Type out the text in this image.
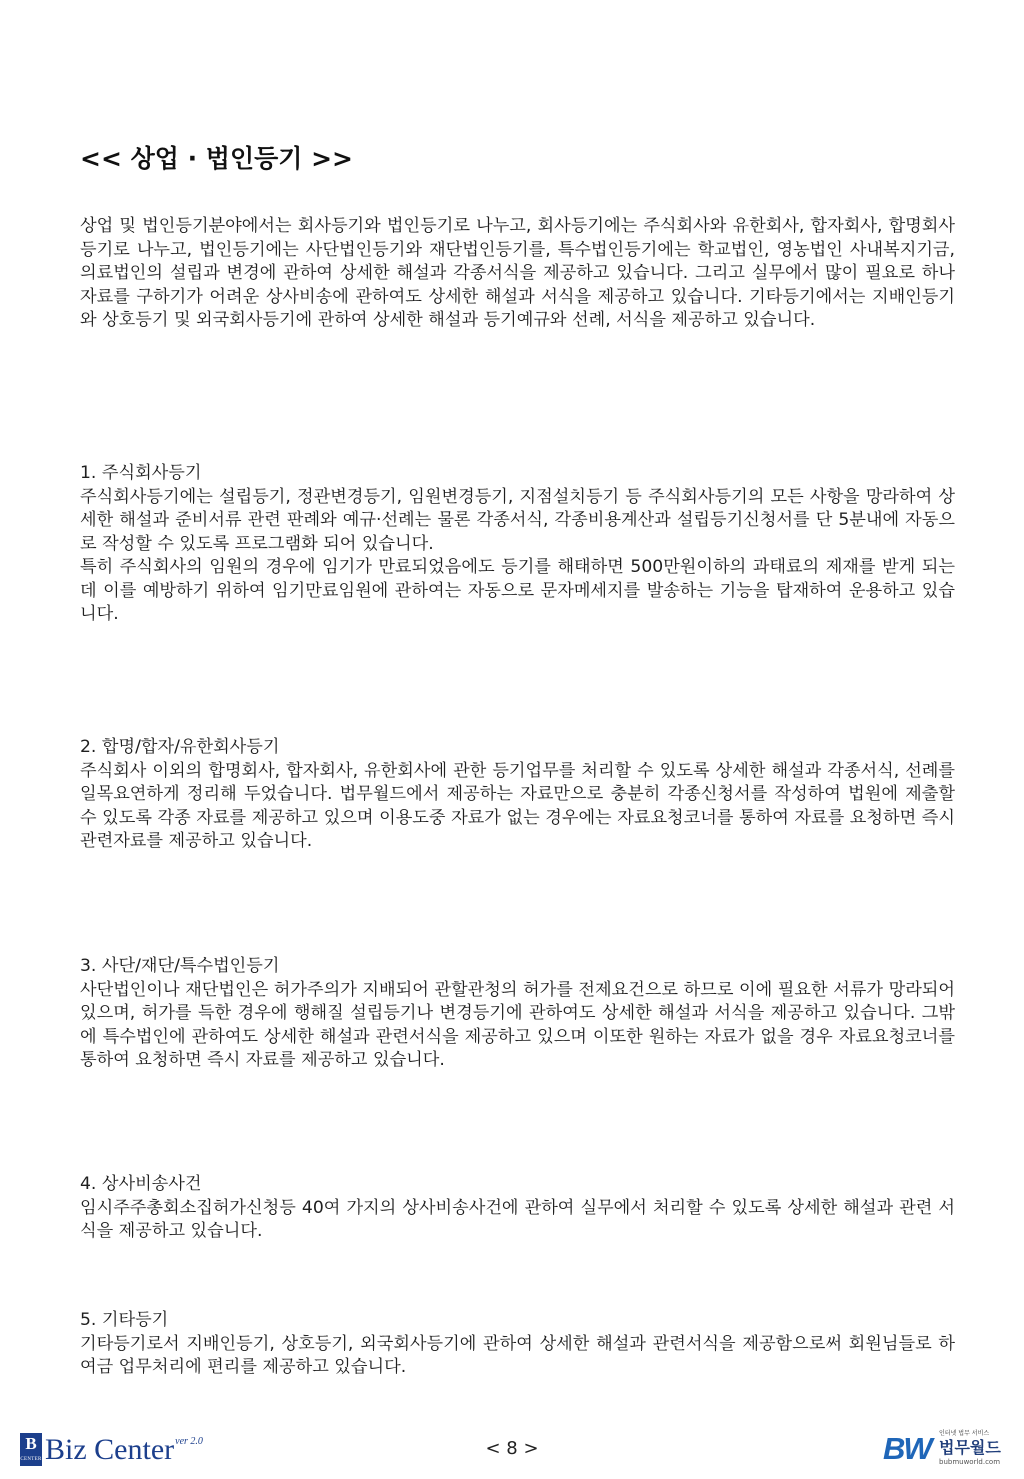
<< 상업 · 법인등기 >>

상업 및 법인등기분야에서는 회사등기와 법인등기로 나누고, 회사등기에는 주식회사와 유한회사, 합자회사, 합명회사등기로 나누고, 법인등기에는 사단법인등기와 재단법인등기를, 특수법인등기에는 학교법인, 영농법인 사내복지기금, 의료법인의 설립과 변경에 관하여 상세한 해설과 각종서식을 제공하고 있습니다. 그리고 실무에서 많이 필요로 하나 자료를 구하기가 어려운 상사비송에 관하여도 상세한 해설과 서식을 제공하고 있습니다. 기타등기에서는 지배인등기와 상호등기 및 외국회사등기에 관하여 상세한 해설과 등기예규와 선례, 서식을 제공하고 있습니다.

1. 주식회사등기

주식회사등기에는 설립등기, 정관변경등기, 임원변경등기, 지점설치등기 등 주식회사등기의 모든 사항을 망라하여 상세한 해설과 준비서류 관련 판례와 예규·선례는 물론 각종서식, 각종비용계산과 설립등기신청서를 단 5분내에 자동으로 작성할 수 있도록 프로그램화 되어 있습니다.

특히 주식회사의 임원의 경우에 임기가 만료되었음에도 등기를 해태하면 500만원이하의 과태료의 제재를 받게 되는데 이를 예방하기 위하여 임기만료임원에 관하여는 자동으로 문자메세지를 발송하는 기능을 탑재하여 운용하고 있습니다.

2. 합명/합자/유한회사등기

주식회사 이외의 합명회사, 합자회사, 유한회사에 관한 등기업무를 처리할 수 있도록 상세한 해설과 각종서식, 선례를 일목요연하게 정리해 두었습니다. 법무월드에서 제공하는 자료만으로 충분히 각종신청서를 작성하여 법원에 제출할 수 있도록 각종 자료를 제공하고 있으며 이용도중 자료가 없는 경우에는 자료요청코너를 통하여 자료를 요청하면 즉시 관련자료를 제공하고 있습니다.

3. 사단/재단/특수법인등기

사단법인이나 재단법인은 허가주의가 지배되어 관할관청의 허가를 전제요건으로 하므로 이에 필요한 서류가 망라되어 있으며, 허가를 득한 경우에 행해질 설립등기나 변경등기에 관하여도 상세한 해설과 서식을 제공하고 있습니다. 그밖에 특수법인에 관하여도 상세한 해설과 관련서식을 제공하고 있으며 이또한 원하는 자료가 없을 경우 자료요청코너를 통하여 요청하면 즉시 자료를 제공하고 있습니다.

4. 상사비송사건

임시주주총회소집허가신청등 40여 가지의 상사비송사건에 관하여 실무에서 처리할 수 있도록 상세한 해설과 관련 서식을 제공하고 있습니다.

5. 기타등기

기타등기로서 지배인등기, 상호등기, 외국회사등기에 관하여 상세한 해설과 관련서식을 제공함으로써 회원님들로 하여금 업무처리에 편리를 제공하고 있습니다.

B
CENTER Biz Center ver 2.0	< 8 >	BW 인터넷 법무 서비스
법무월드
bubmuworld.com
